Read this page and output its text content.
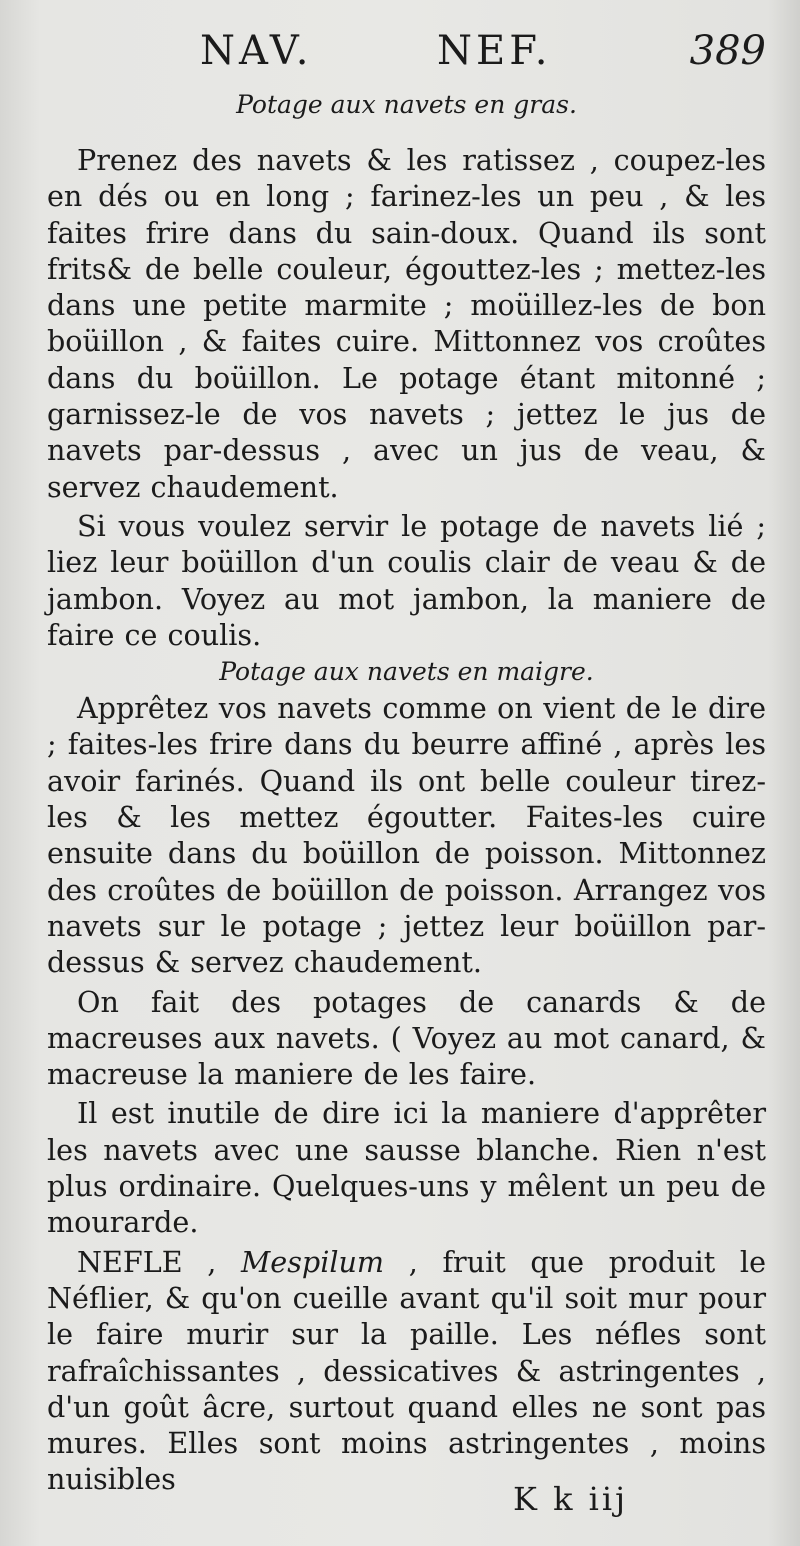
NAV.	NEF.	389
Potage aux navets en gras.

Prenez des navets & les ratissez , coupez-les en dés ou en long ; farinez-les un peu , & les faites frire dans du sain-doux. Quand ils sont frits& de belle couleur, égouttez-les ; mettez-les dans une petite marmite ; moüillez-les de bon boüillon , & faites cuire. Mittonnez vos croûtes dans du boüillon. Le potage étant mitonné ; garnissez-le de vos navets ; jettez le jus de navets par-dessus , avec un jus de veau, & servez chaudement.

Si vous voulez servir le potage de navets lié ; liez leur boüillon d'un coulis clair de veau & de jambon. Voyez au mot jambon, la maniere de faire ce coulis.

Potage aux navets en maigre.

Apprêtez vos navets comme on vient de le dire ; faites-les frire dans du beurre affiné , après les avoir farinés. Quand ils ont belle couleur tirez-les & les mettez égoutter. Faites-les cuire ensuite dans du boüillon de poisson. Mittonnez des croûtes de boüillon de poisson. Arrangez vos navets sur le potage ; jettez leur boüillon par-dessus & servez chaudement.

On fait des potages de canards & de macreuses aux navets. ( Voyez au mot canard, & macreuse la maniere de les faire.

Il est inutile de dire ici la maniere d'apprêter les navets avec une sausse blanche. Rien n'est plus ordinaire. Quelques-uns y mêlent un peu de mourarde.

NEFLE , Mespilum , fruit que produit le Néflier, & qu'on cueille avant qu'il soit mur pour le faire murir sur la paille. Les néfles sont rafraîchissantes , dessicatives & astringentes , d'un goût âcre, surtout quand elles ne sont pas mures. Elles sont moins astringentes , moins nuisibles

K k iij
